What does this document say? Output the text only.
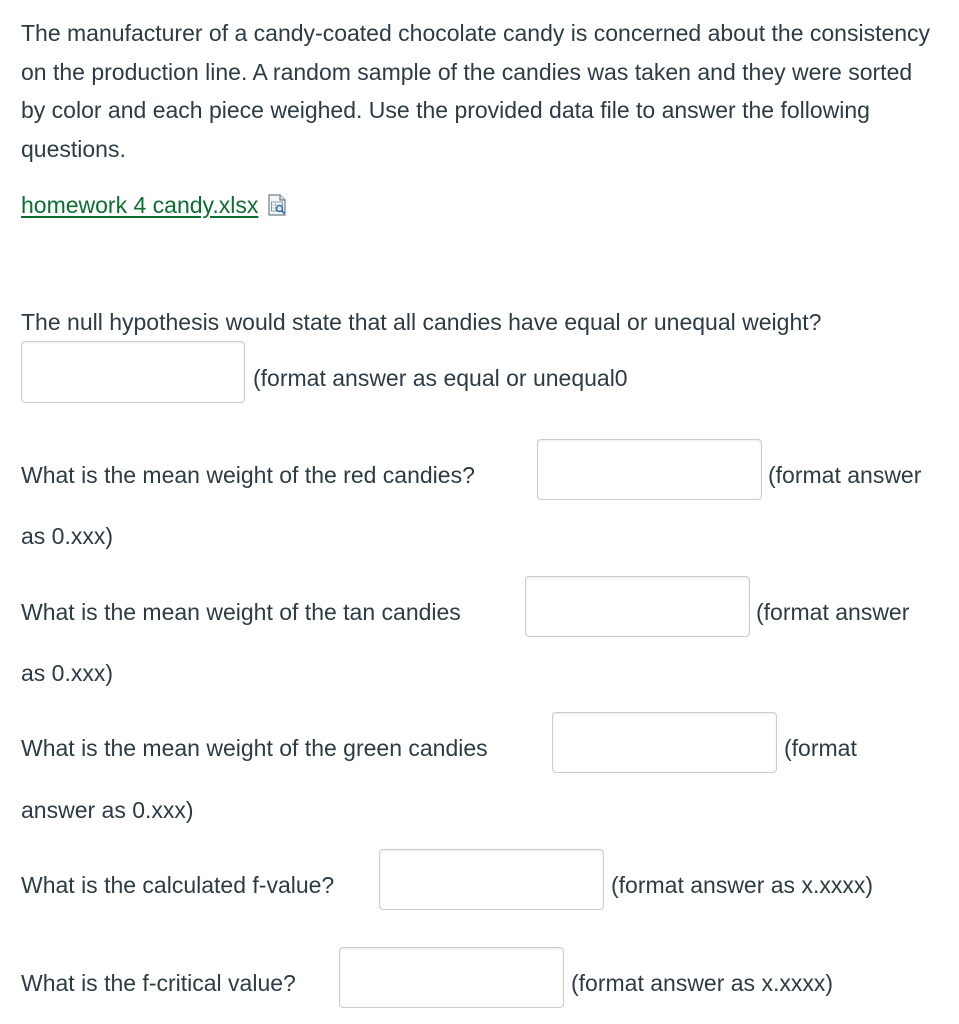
The manufacturer of a candy-coated chocolate candy is concerned about the consistency on the production line. A random sample of the candies was taken and they were sorted by color and each piece weighed. Use the provided data file to answer the following questions.

homework 4 candy.xlsx
The null hypothesis would state that all candies have equal or unequal weight?
(format answer as equal or unequal0
What is the mean weight of the red candies?	(format answer
as 0.xxx)
What is the mean weight of the tan candies	(format answer
as 0.xxx)
What is the mean weight of the green candies	(format
answer as 0.xxx)
What is the calculated f-value?	(format answer as x.xxxx)
What is the f-critical value?	(format answer as x.xxxx)
